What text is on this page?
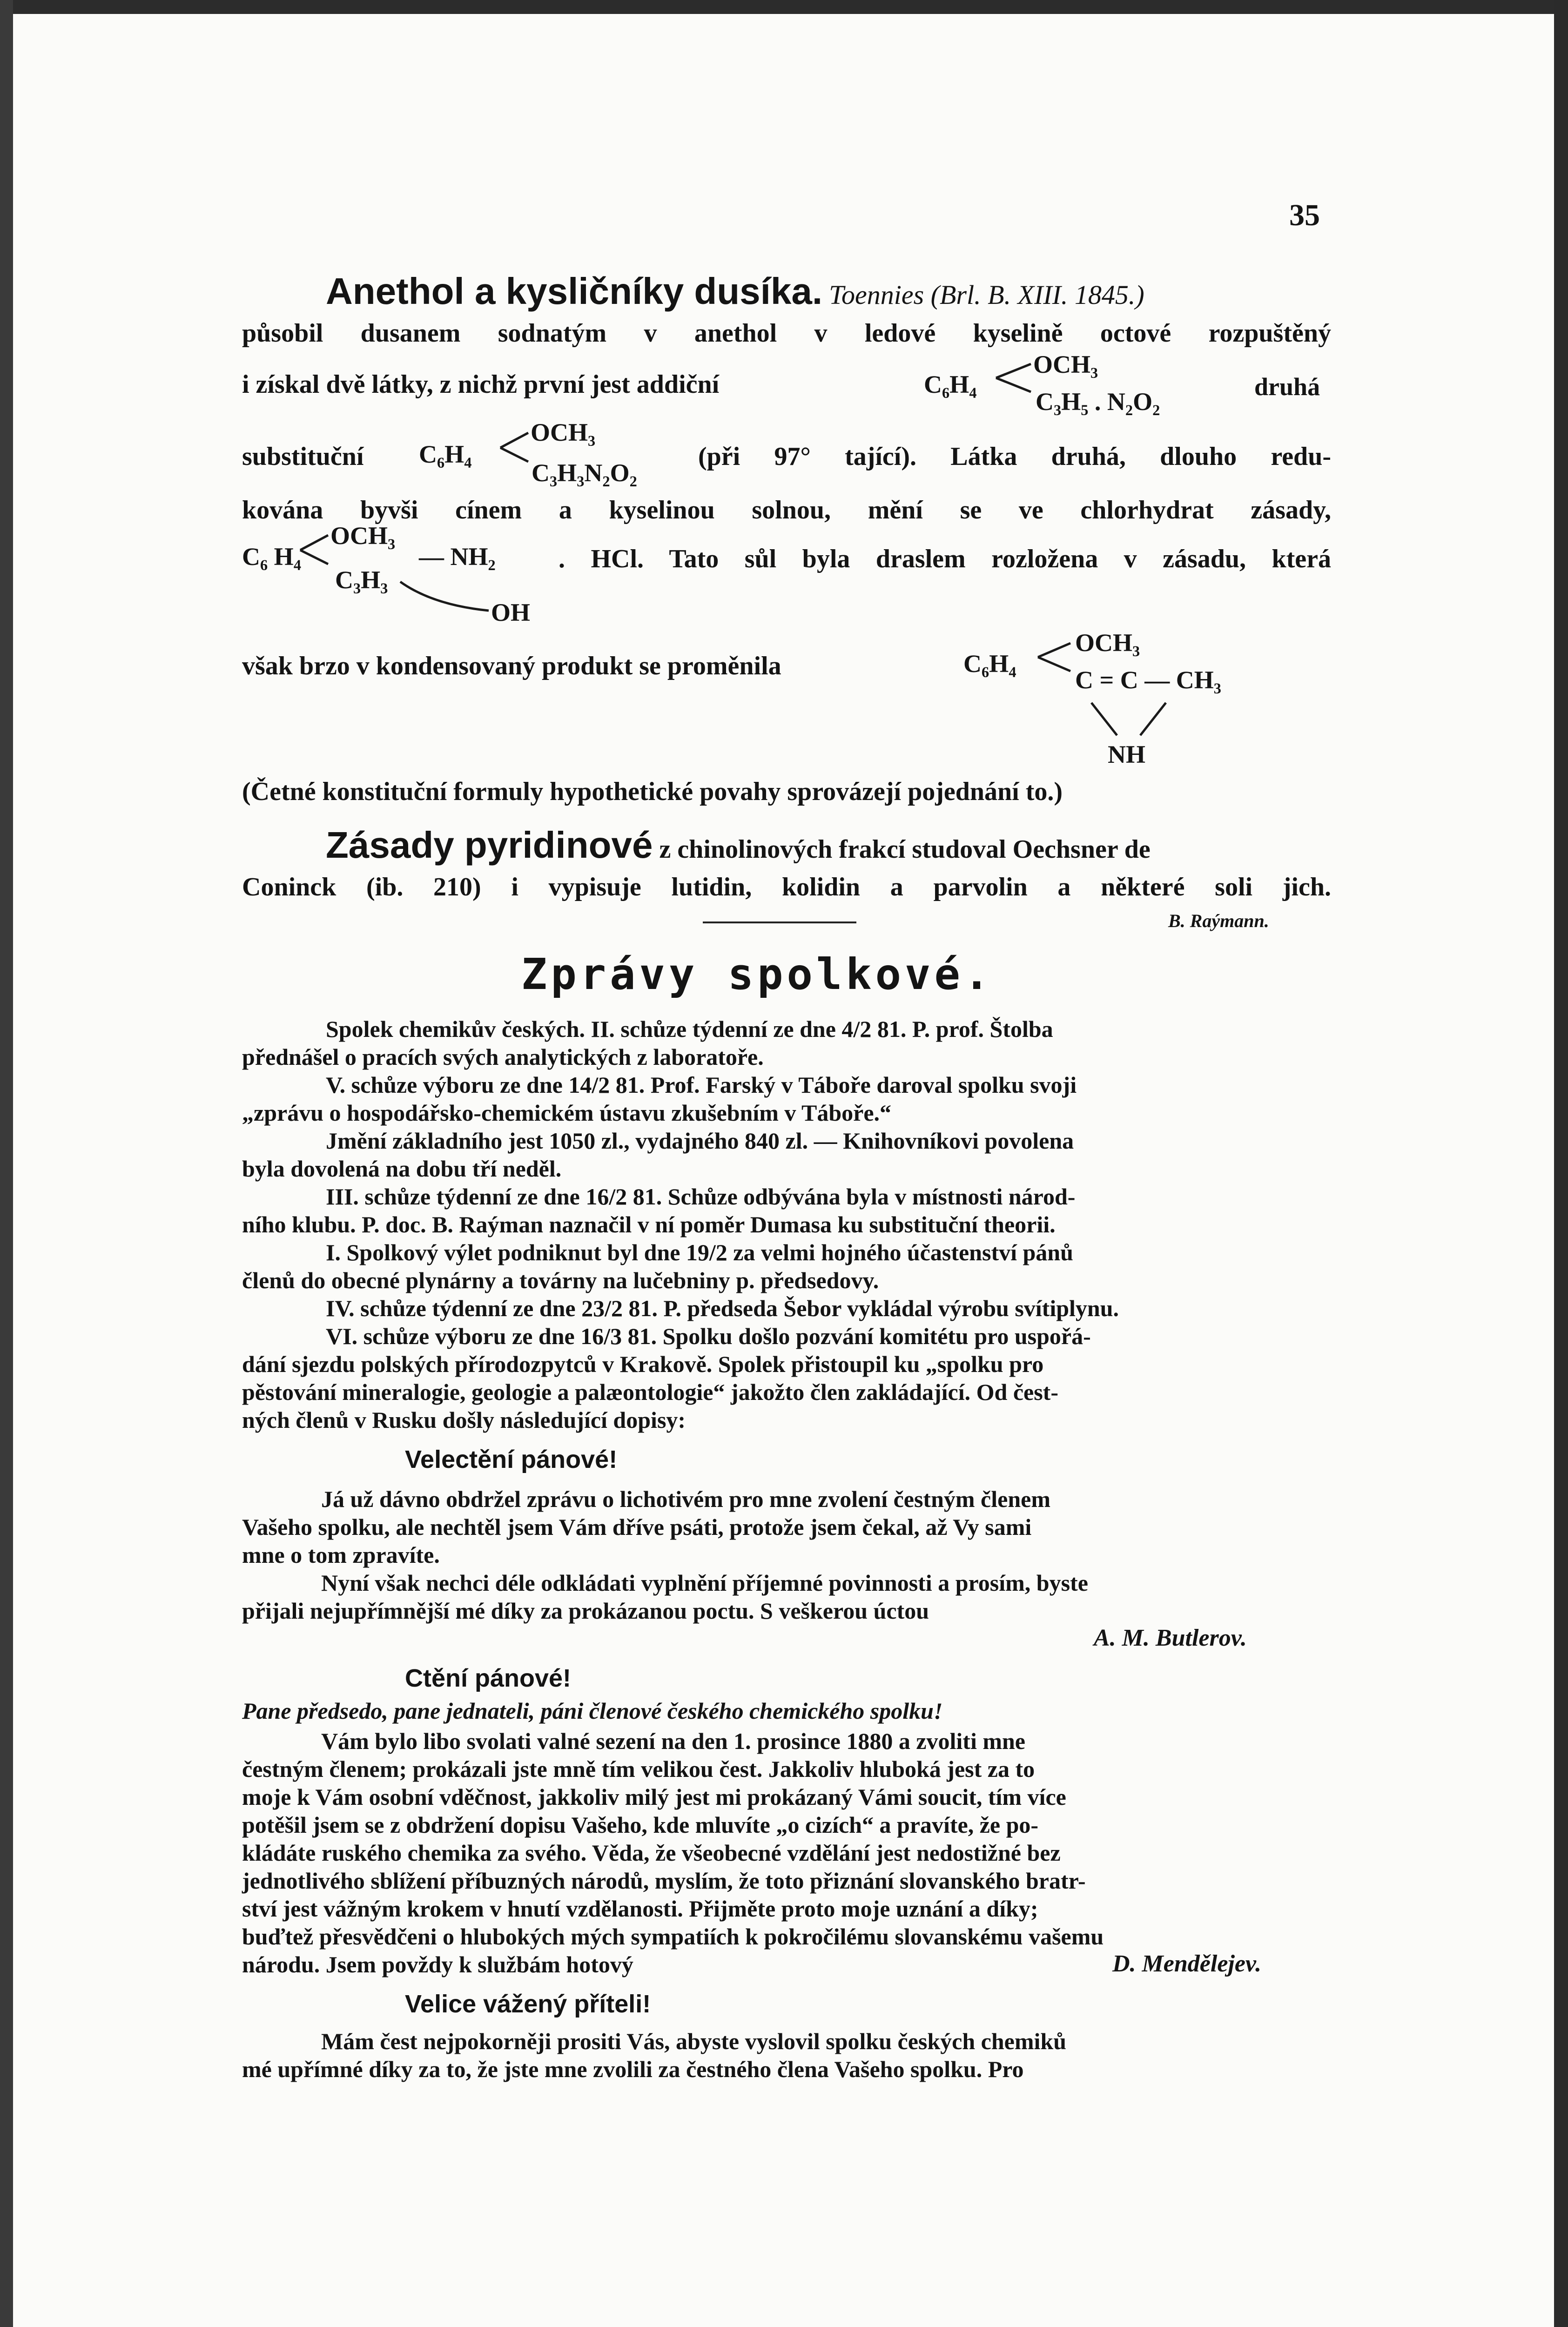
35
Anethol a kysličníky dusíka. Toennies (Brl. B. XIII. 1845.)
působil dusanem sodnatým v anethol v ledové kyselině octové rozpuštěný
i získal dvě látky, z nichž první jest addiční	C₆H₄
OCH₃
C₃H₅ . N₂O₂
druhá
substituční	C₆H₄
OCH₃
C₃H₃N₂O₂
(při 97° tající). Látka druhá, dlouho redu-
kována byvši cínem a kyselinou solnou, mění se ve chlorhydrat zásady,
C₆ H₄
OCH₃
— NH₂
C₃H₃
OH
. HCl. Tato sůl byla draslem rozložena v zásadu, která
však brzo v kondensovaný produkt se proměnila	C₆H₄
OCH₃
C = C — CH₃
NH
(Četné konstituční formuly hypothetické povahy sprovázejí pojednání to.)
Zásady pyridinové z chinolinových frakcí studoval Oechsner de
Coninck (ib. 210) i vypisuje lutidin, kolidin a parvolin a některé soli jich.
B. Raýmann.
Zprávy spolkové.
Spolek chemikův českých. II. schůze týdenní ze dne 4/2 81. P. prof. Štolba
přednášel o pracích svých analytických z laboratoře.
V. schůze výboru ze dne 14/2 81. Prof. Farský v Táboře daroval spolku svoji
„zprávu o hospodářsko-chemickém ústavu zkušebním v Táboře.“
Jmění základního jest 1050 zl., vydajného 840 zl. — Knihovníkovi povolena
byla dovolená na dobu tří neděl.
III. schůze týdenní ze dne 16/2 81. Schůze odbývána byla v místnosti národ-
ního klubu. P. doc. B. Raýman naznačil v ní poměr Dumasa ku substituční theorii.
I. Spolkový výlet podniknut byl dne 19/2 za velmi hojného účastenství pánů
členů do obecné plynárny a továrny na lučebniny p. předsedovy.
IV. schůze týdenní ze dne 23/2 81. P. předseda Šebor vykládal výrobu svítiplynu.
VI. schůze výboru ze dne 16/3 81. Spolku došlo pozvání komitétu pro uspořá-
dání sjezdu polských přírodozpytců v Krakově. Spolek přistoupil ku „spolku pro
pěstování mineralogie, geologie a palæontologie“ jakožto člen zakládající. Od čest-
ných členů v Rusku došly následující dopisy:
Velectění pánové!
Já už dávno obdržel zprávu o lichotivém pro mne zvolení čestným členem
Vašeho spolku, ale nechtěl jsem Vám dříve psáti, protože jsem čekal, až Vy sami
mne o tom zpravíte.
Nyní však nechci déle odkládati vyplnění příjemné povinnosti a prosím, byste
přijali nejupřímnější mé díky za prokázanou poctu. S veškerou úctou
A. M. Butlerov.
Ctění pánové!
Pane předsedo, pane jednateli, páni členové českého chemického spolku!
Vám bylo libo svolati valné sezení na den 1. prosince 1880 a zvoliti mne
čestným členem; prokázali jste mně tím velikou čest. Jakkoliv hluboká jest za to
moje k Vám osobní vděčnost, jakkoliv milý jest mi prokázaný Vámi soucit, tím více
potěšil jsem se z obdržení dopisu Vašeho, kde mluvíte „o cizích“ a pravíte, že po-
kládáte ruského chemika za svého. Věda, že všeobecné vzdělání jest nedostižné bez
jednotlivého sblížení příbuzných národů, myslím, že toto přiznání slovanského bratr-
ství jest vážným krokem v hnutí vzdělanosti. Přijměte proto moje uznání a díky;
buďtež přesvědčeni o hlubokých mých sympatiích k pokročilému slovanskému vašemu
národu. Jsem povždy k službám hotový	D. Mendělejev.
Velice vážený příteli!
Mám čest nejpokorněji prositi Vás, abyste vyslovil spolku českých chemiků
mé upřímné díky za to, že jste mne zvolili za čestného člena Vašeho spolku. Pro
